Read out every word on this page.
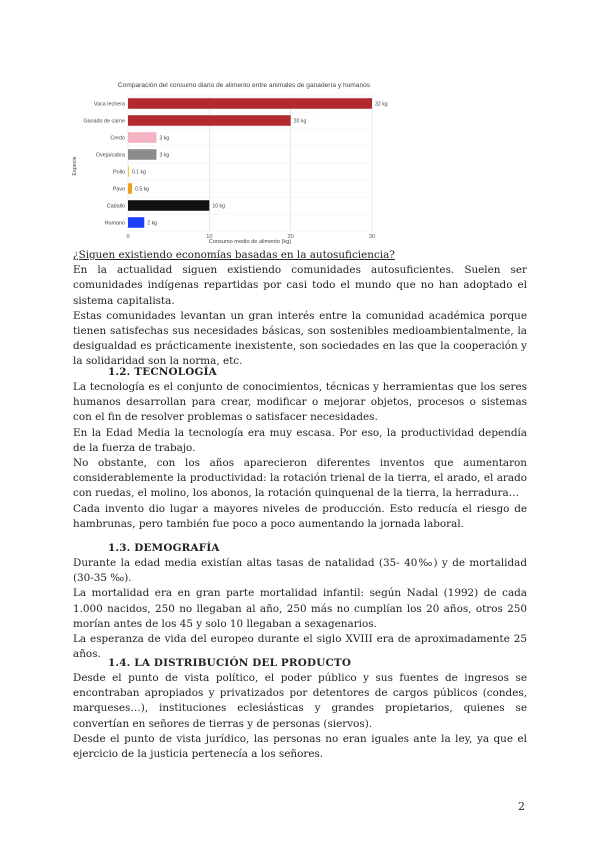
Comparación del consumo diario de alimento entre animales de ganadería y humanos
0	10	20	30
Vaca lechera	32 kg
Ganado de carne	20 kg
Cerdo	3 kg
Oveja/cabra	3 kg
Pollo 0.1 kg
Pavo 0.5 kg
Caballo	10 kg
Humano	2 kg
Consumo medio de alimento (kg)
Especie

¿Siguen existiendo economías basadas en la autosuficiencia?

En la actualidad siguen existiendo comunidades autosuficientes. Suelen ser comunidades indígenas repartidas por casi todo el mundo que no han adoptado el sistema capitalista.

Estas comunidades levantan un gran interés entre la comunidad académica porque tienen satisfechas sus necesidades básicas, son sostenibles medioambientalmente, la desigualdad es prácticamente inexistente, son sociedades en las que la cooperación y la solidaridad son la norma, etc.

1.2. TECNOLOGÍA

La tecnología es el conjunto de conocimientos, técnicas y herramientas que los seres humanos desarrollan para crear, modificar o mejorar objetos, procesos o sistemas con el fin de resolver problemas o satisfacer necesidades.

En la Edad Media la tecnología era muy escasa. Por eso, la productividad dependía de la fuerza de trabajo.

No obstante, con los años aparecieron diferentes inventos que aumentaron considerablemente la productividad: la rotación trienal de la tierra, el arado, el arado con ruedas, el molino, los abonos, la rotación quinquenal de la tierra, la herradura…

Cada invento dio lugar a mayores niveles de producción. Esto reducía el riesgo de hambrunas, pero también fue poco a poco aumentando la jornada laboral.

1.3. DEMOGRAFÍA

Durante la edad media existían altas tasas de natalidad (35- 40‰) y de mortalidad (30-35 ‰).

La mortalidad era en gran parte mortalidad infantil: según Nadal (1992) de cada 1.000 nacidos, 250 no llegaban al año, 250 más no cumplían los 20 años, otros 250 morían antes de los 45 y solo 10 llegaban a sexagenarios.

La esperanza de vida del europeo durante el siglo XVIII era de aproximadamente 25 años.

1.4. LA DISTRIBUCIÓN DEL PRODUCTO

Desde el punto de vista político, el poder público y sus fuentes de ingresos se encontraban apropiados y privatizados por detentores de cargos públicos (condes, marqueses…), instituciones eclesiásticas y grandes propietarios, quienes se convertían en señores de tierras y de personas (siervos).

Desde el punto de vista jurídico, las personas no eran iguales ante la ley, ya que el ejercicio de la justicia pertenecía a los señores.

2
